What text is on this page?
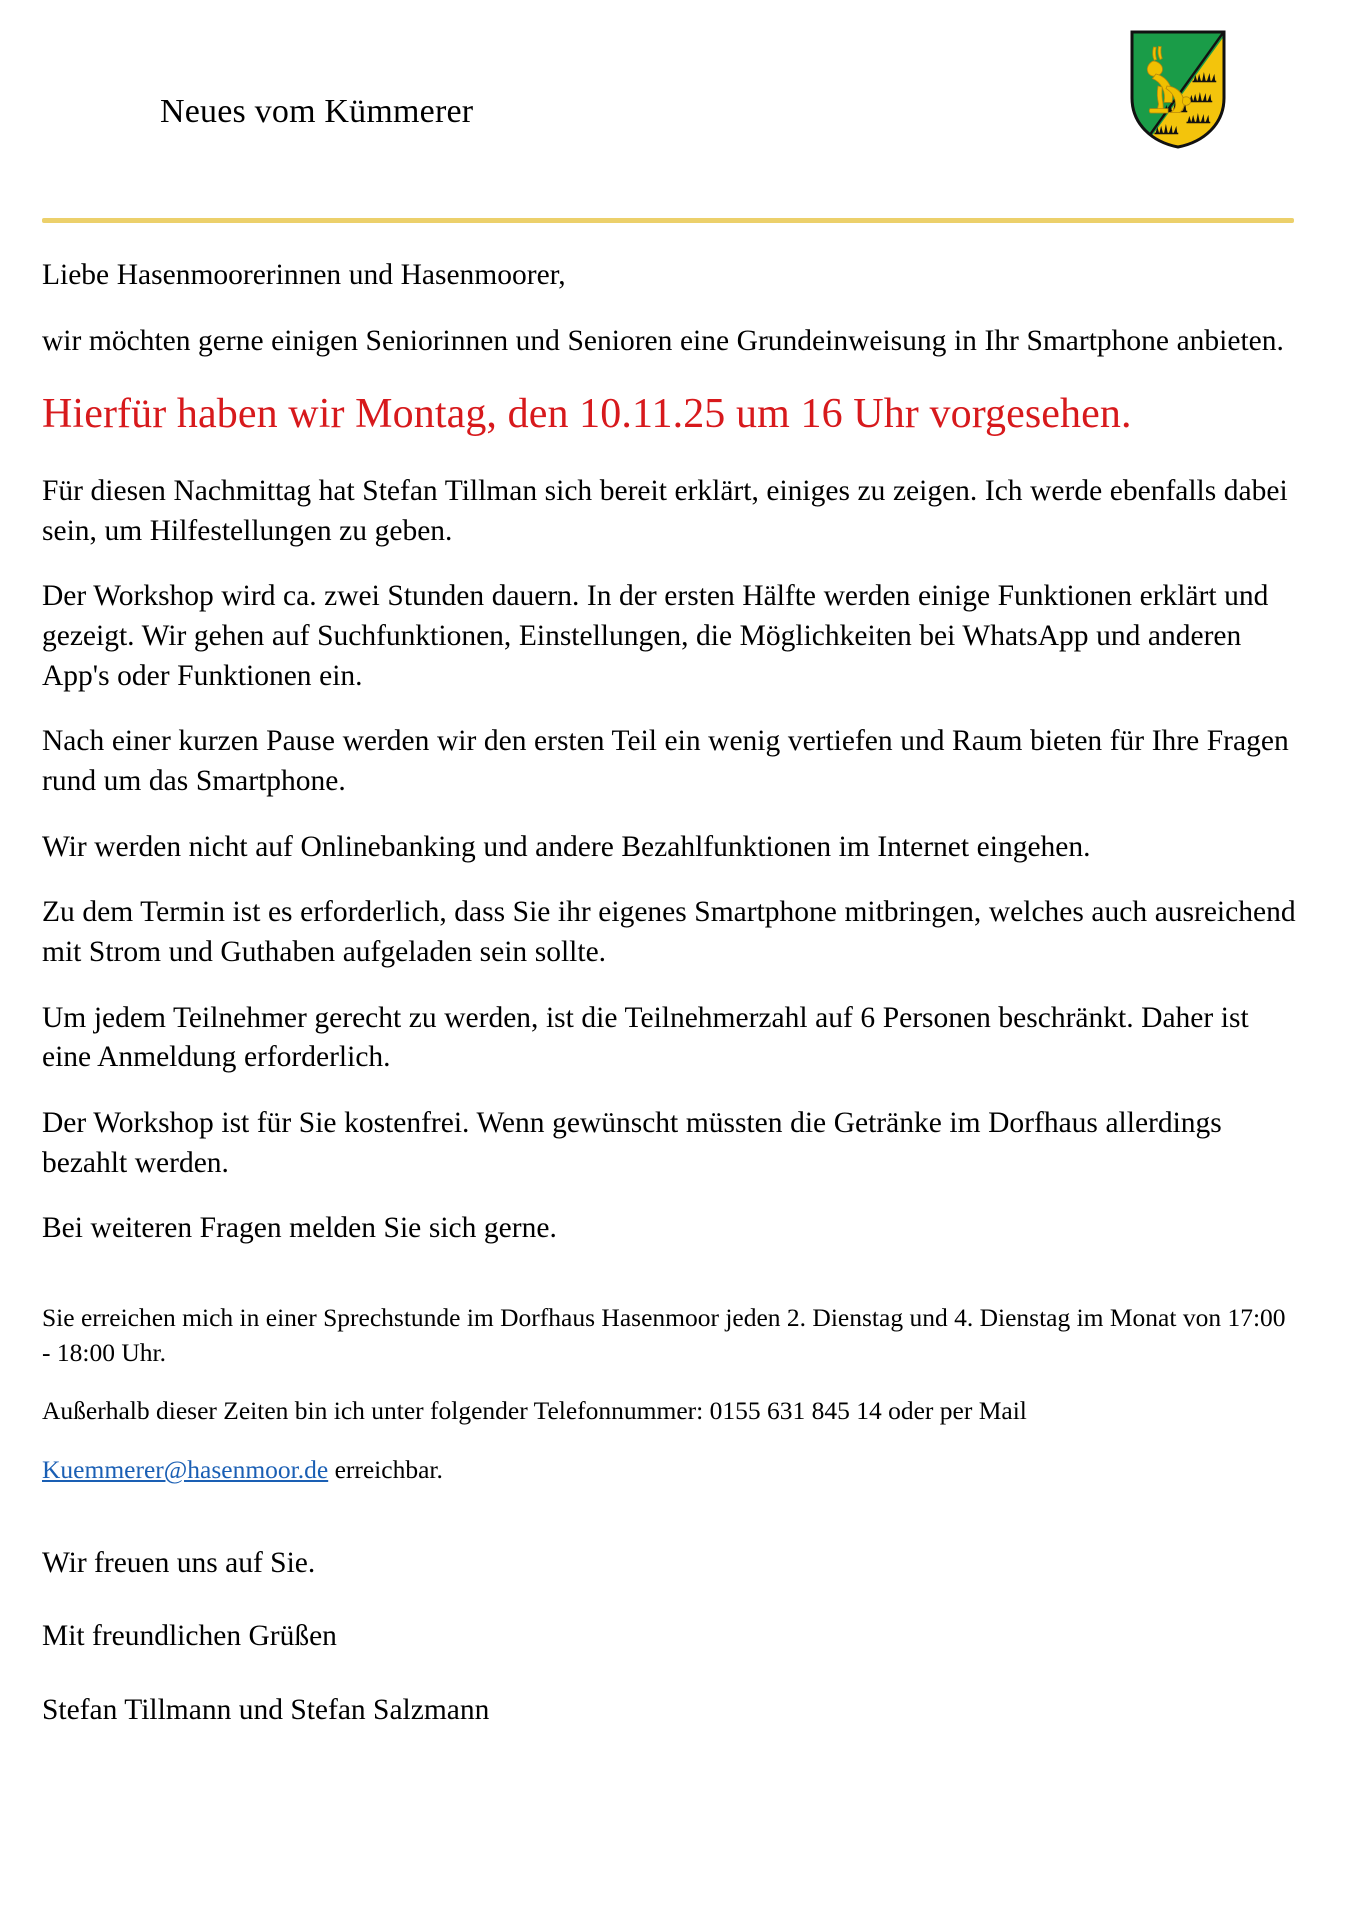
Neues vom Kümmerer

Liebe Hasenmoorerinnen und Hasenmoorer,

wir möchten gerne einigen Seniorinnen und Senioren eine Grundeinweisung in Ihr Smartphone anbieten.

Hierfür haben wir Montag, den 10.11.25 um 16 Uhr vorgesehen.

Für diesen Nachmittag hat Stefan Tillman sich bereit erklärt, einiges zu zeigen. Ich werde ebenfalls dabei sein, um Hilfestellungen zu geben.

Der Workshop wird ca. zwei Stunden dauern. In der ersten Hälfte werden einige Funktionen erklärt und gezeigt. Wir gehen auf Suchfunktionen, Einstellungen, die Möglichkeiten bei WhatsApp und anderen App's oder Funktionen ein.

Nach einer kurzen Pause werden wir den ersten Teil ein wenig vertiefen und Raum bieten für Ihre Fragen rund um das Smartphone.

Wir werden nicht auf Onlinebanking und andere Bezahlfunktionen im Internet eingehen.

Zu dem Termin ist es erforderlich, dass Sie ihr eigenes Smartphone mitbringen, welches auch ausreichend mit Strom und Guthaben aufgeladen sein sollte.

Um jedem Teilnehmer gerecht zu werden, ist die Teilnehmerzahl auf 6 Personen beschränkt. Daher ist eine Anmeldung erforderlich.

Der Workshop ist für Sie kostenfrei. Wenn gewünscht müssten die Getränke im Dorfhaus allerdings bezahlt werden.

Bei weiteren Fragen melden Sie sich gerne.

Sie erreichen mich in einer Sprechstunde im Dorfhaus Hasenmoor jeden 2. Dienstag und 4. Dienstag im Monat von 17:00 - 18:00 Uhr.

Außerhalb dieser Zeiten bin ich unter folgender Telefonnummer: 0155 631 845 14 oder per Mail

Kuemmerer@hasenmoor.de erreichbar.

Wir freuen uns auf Sie.

Mit freundlichen Grüßen

Stefan Tillmann und Stefan Salzmann
